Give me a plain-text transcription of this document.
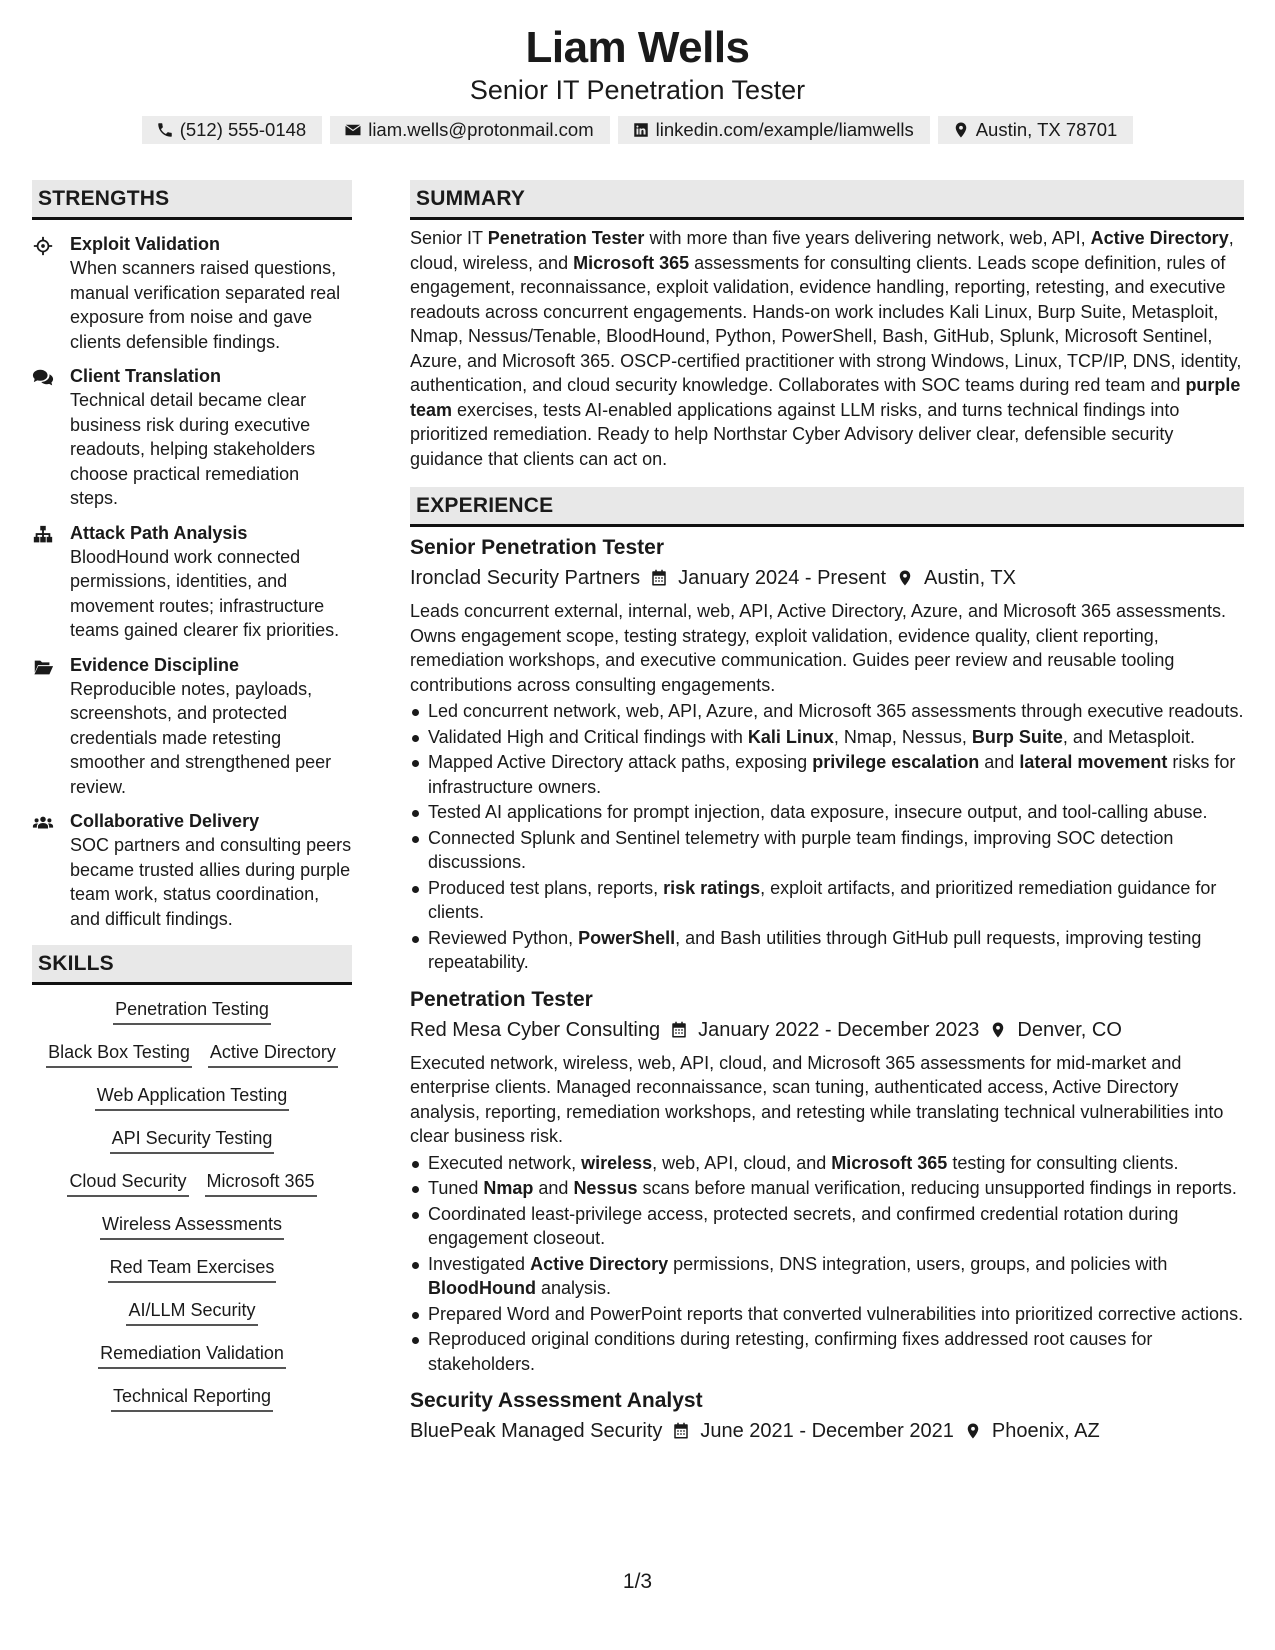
Liam Wells
Senior IT Penetration Tester
(512) 555-0148	liam.wells@protonmail.com	linkedin.com/example/liamwells	Austin, TX 78701
STRENGTHS
Exploit Validation
When scanners raised questions, manual verification separated real exposure from noise and gave clients defensible findings.
Client Translation
Technical detail became clear business risk during executive readouts, helping stakeholders choose practical remediation steps.
Attack Path Analysis
BloodHound work connected permissions, identities, and movement routes; infrastructure teams gained clearer fix priorities.
Evidence Discipline
Reproducible notes, payloads, screenshots, and protected credentials made retesting smoother and strengthened peer review.
Collaborative Delivery
SOC partners and consulting peers became trusted allies during purple team work, status coordination, and difficult findings.
SKILLS
Penetration Testing
Black Box Testing Active Directory
Web Application Testing
API Security Testing
Cloud Security Microsoft 365
Wireless Assessments
Red Team Exercises
AI/LLM Security
Remediation Validation
Technical Reporting
SUMMARY
Senior IT Penetration Tester with more than five years delivering network, web, API, Active Directory, cloud, wireless, and Microsoft 365 assessments for consulting clients. Leads scope definition, rules of engagement, reconnaissance, exploit validation, evidence handling, reporting, retesting, and executive readouts across concurrent engagements. Hands-on work includes Kali Linux, Burp Suite, Metasploit, Nmap, Nessus/Tenable, BloodHound, Python, PowerShell, Bash, GitHub, Splunk, Microsoft Sentinel, Azure, and Microsoft 365. OSCP-certified practitioner with strong Windows, Linux, TCP/IP, DNS, identity, authentication, and cloud security knowledge. Collaborates with SOC teams during red team and purple team exercises, tests AI-enabled applications against LLM risks, and turns technical findings into prioritized remediation. Ready to help Northstar Cyber Advisory deliver clear, defensible security guidance that clients can act on.
EXPERIENCE
Senior Penetration Tester
Ironclad Security Partners January 2024 - Present Austin, TX
Leads concurrent external, internal, web, API, Active Directory, Azure, and Microsoft 365 assessments. Owns engagement scope, testing strategy, exploit validation, evidence quality, client reporting, remediation workshops, and executive communication. Guides peer review and reusable tooling contributions across consulting engagements.
Led concurrent network, web, API, Azure, and Microsoft 365 assessments through executive readouts.
Validated High and Critical findings with Kali Linux, Nmap, Nessus, Burp Suite, and Metasploit.
Mapped Active Directory attack paths, exposing privilege escalation and lateral movement risks for infrastructure owners.
Tested AI applications for prompt injection, data exposure, insecure output, and tool-calling abuse.
Connected Splunk and Sentinel telemetry with purple team findings, improving SOC detection discussions.
Produced test plans, reports, risk ratings, exploit artifacts, and prioritized remediation guidance for clients.
Reviewed Python, PowerShell, and Bash utilities through GitHub pull requests, improving testing repeatability.
Penetration Tester
Red Mesa Cyber Consulting January 2022 - December 2023 Denver, CO
Executed network, wireless, web, API, cloud, and Microsoft 365 assessments for mid-market and enterprise clients. Managed reconnaissance, scan tuning, authenticated access, Active Directory analysis, reporting, remediation workshops, and retesting while translating technical vulnerabilities into clear business risk.
Executed network, wireless, web, API, cloud, and Microsoft 365 testing for consulting clients.
Tuned Nmap and Nessus scans before manual verification, reducing unsupported findings in reports.
Coordinated least-privilege access, protected secrets, and confirmed credential rotation during engagement closeout.
Investigated Active Directory permissions, DNS integration, users, groups, and policies with BloodHound analysis.
Prepared Word and PowerPoint reports that converted vulnerabilities into prioritized corrective actions.
Reproduced original conditions during retesting, confirming fixes addressed root causes for stakeholders.
Security Assessment Analyst
BluePeak Managed Security June 2021 - December 2021 Phoenix, AZ
1/3
